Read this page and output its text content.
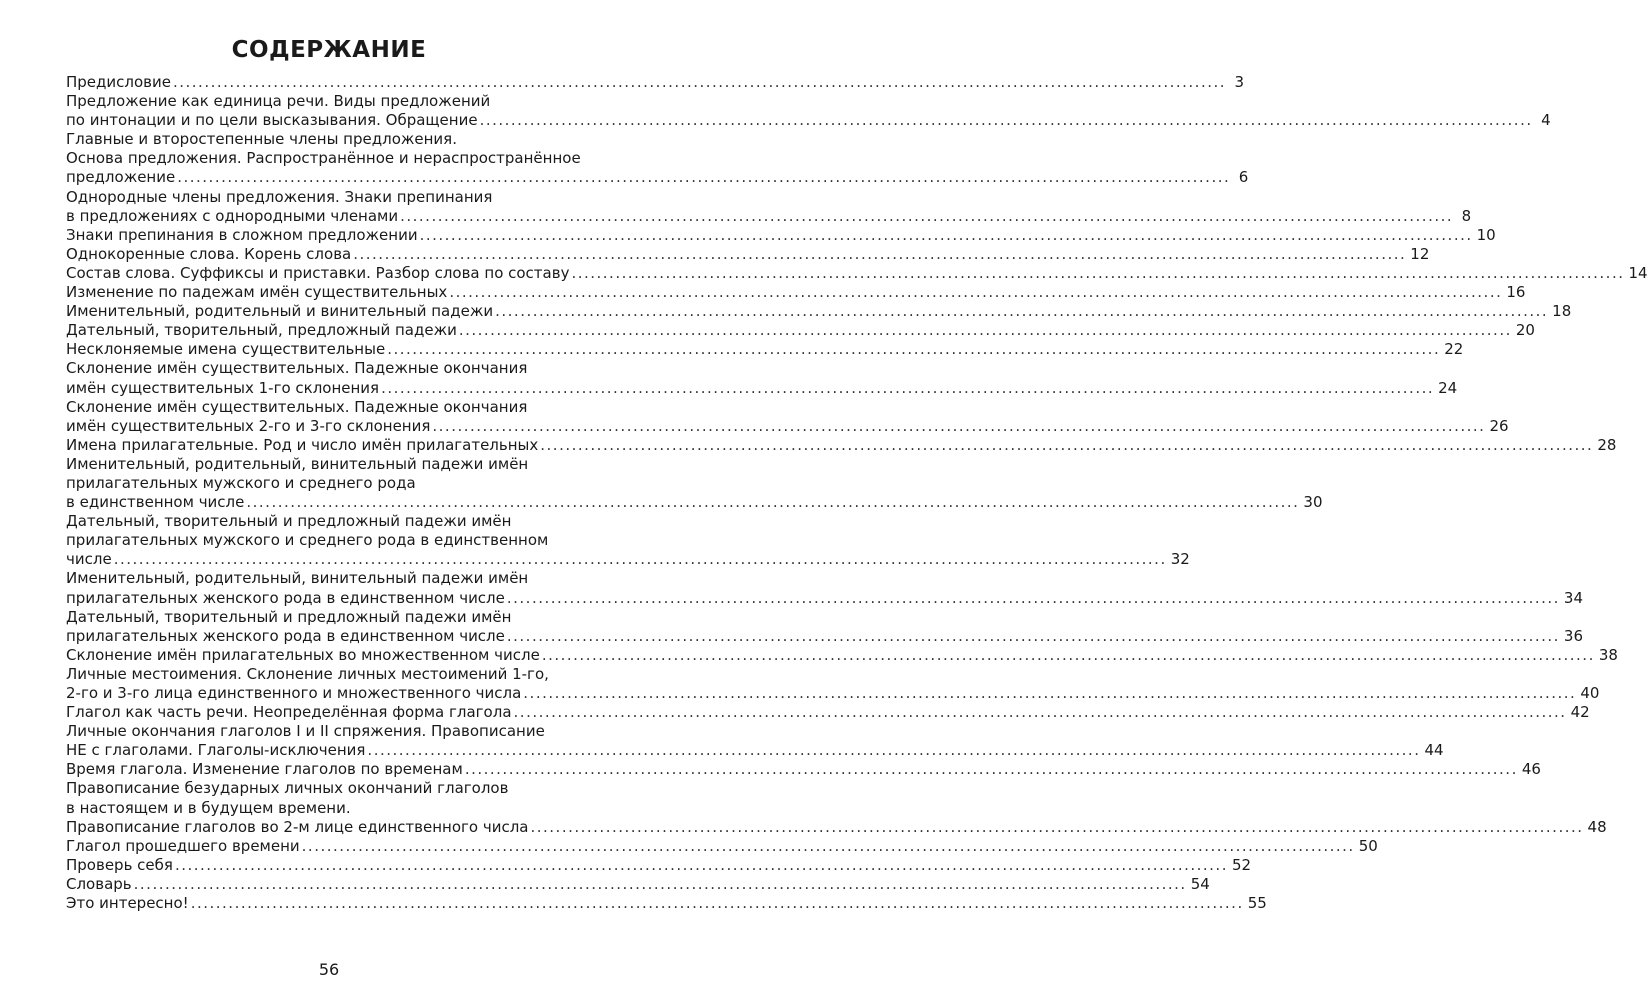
СОДЕРЖАНИЕ
Предисловие ........................................................................................................................................................................ 3
Предложение как единица речи. Виды предложений
по интонации и по цели высказывания. Обращение ........................................................................................................................................................................ 4
Главные и второстепенные члены предложения.
Основа предложения. Распространённое и нераспространённое
предложение ........................................................................................................................................................................ 6
Однородные члены предложения. Знаки препинания
в предложениях с однородными членами ........................................................................................................................................................................ 8
Знаки препинания в сложном предложении ........................................................................................................................................................................ 10
Однокоренные слова. Корень слова ........................................................................................................................................................................ 12
Состав слова. Суффиксы и приставки. Разбор слова по составу ........................................................................................................................................................................ 14
Изменение по падежам имён существительных ........................................................................................................................................................................ 16
Именительный, родительный и винительный падежи ........................................................................................................................................................................ 18
Дательный, творительный, предложный падежи ........................................................................................................................................................................ 20
Несклоняемые имена существительные ........................................................................................................................................................................ 22
Склонение имён существительных. Падежные окончания
имён существительных 1-го склонения ........................................................................................................................................................................ 24
Склонение имён существительных. Падежные окончания
имён существительных 2-го и 3-го склонения ........................................................................................................................................................................ 26
Имена прилагательные. Род и число имён прилагательных ........................................................................................................................................................................ 28
Именительный, родительный, винительный падежи имён
прилагательных мужского и среднего рода
в единственном числе ........................................................................................................................................................................ 30
Дательный, творительный и предложный падежи имён
прилагательных мужского и среднего рода в единственном
числе ........................................................................................................................................................................ 32
Именительный, родительный, винительный падежи имён
прилагательных женского рода в единственном числе ........................................................................................................................................................................ 34
Дательный, творительный и предложный падежи имён
прилагательных женского рода в единственном числе ........................................................................................................................................................................ 36
Склонение имён прилагательных во множественном числе ........................................................................................................................................................................ 38
Личные местоимения. Склонение личных местоимений 1-го,
2-го и 3-го лица единственного и множественного числа ........................................................................................................................................................................ 40
Глагол как часть речи. Неопределённая форма глагола ........................................................................................................................................................................ 42
Личные окончания глаголов I и II спряжения. Правописание
НЕ с глаголами. Глаголы-исключения ........................................................................................................................................................................ 44
Время глагола. Изменение глаголов по временам ........................................................................................................................................................................ 46
Правописание безударных личных окончаний глаголов
в настоящем и в будущем времени.
Правописание глаголов во 2-м лице единственного числа ........................................................................................................................................................................ 48
Глагол прошедшего времени ........................................................................................................................................................................ 50
Проверь себя ........................................................................................................................................................................ 52
Словарь ........................................................................................................................................................................ 54
Это интересно! ........................................................................................................................................................................ 55
56
